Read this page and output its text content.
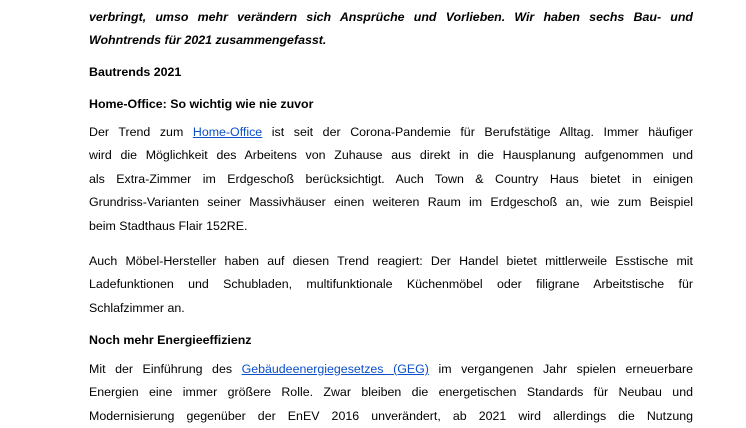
verbringt, umso mehr verändern sich Ansprüche und Vorlieben. Wir haben sechs Bau- und
Wohntrends für 2021 zusammengefasst.

Bautrends 2021
Home-Office: So wichtig wie nie zuvor

Der Trend zum Home-Office ist seit der Corona-Pandemie für Berufstätige Alltag. Immer häufiger
wird die Möglichkeit des Arbeitens von Zuhause aus direkt in die Hausplanung aufgenommen und
als Extra-Zimmer im Erdgeschoß berücksichtigt. Auch Town & Country Haus bietet in einigen
Grundriss-Varianten seiner Massivhäuser einen weiteren Raum im Erdgeschoß an, wie zum Beispiel
beim Stadthaus Flair 152RE.

Auch Möbel-Hersteller haben auf diesen Trend reagiert: Der Handel bietet mittlerweile Esstische mit
Ladefunktionen und Schubladen, multifunktionale Küchenmöbel oder filigrane Arbeitstische für
Schlafzimmer an.

Noch mehr Energieeffizienz

Mit der Einführung des Gebäudeenergiegesetzes (GEG) im vergangenen Jahr spielen erneuerbare
Energien eine immer größere Rolle. Zwar bleiben die energetischen Standards für Neubau und
Modernisierung gegenüber der EnEV 2016 unverändert, ab 2021 wird allerdings die Nutzung
